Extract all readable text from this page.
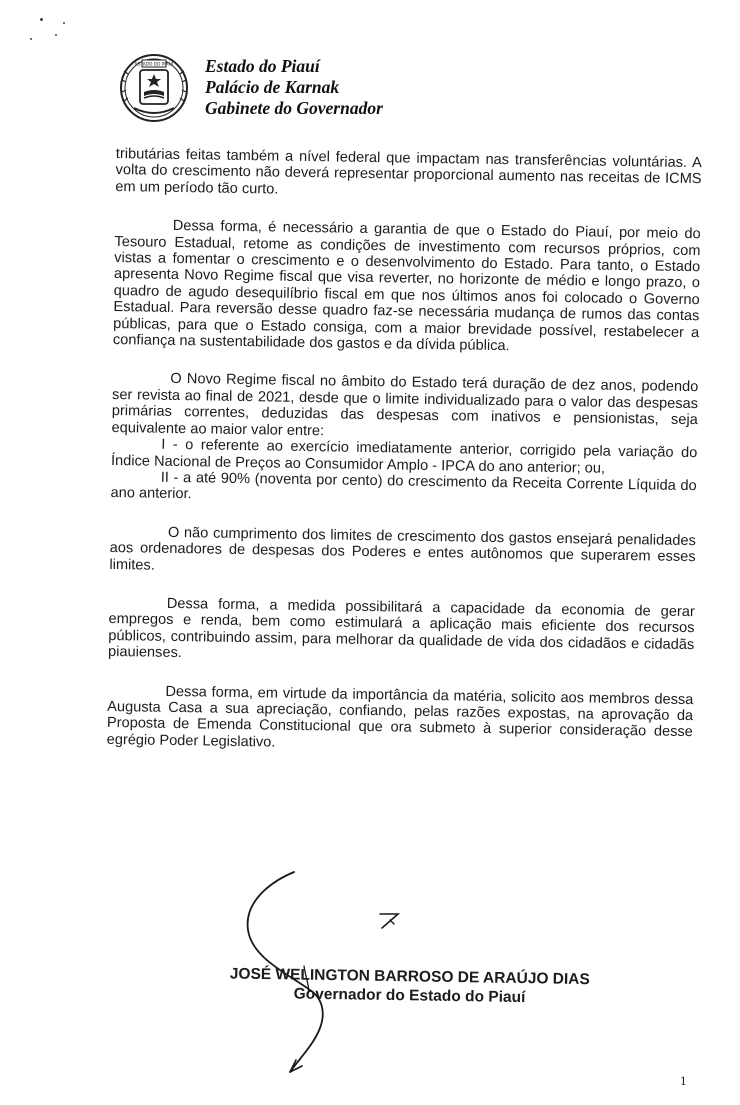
ESTADO DO PIAUÍ Estado do Piauí
Palácio de Karnak
Gabinete do Governador

tributárias feitas também a nível federal que impactam nas transferências voluntárias. A volta do crescimento não deverá representar proporcional aumento nas receitas de ICMS em um período tão curto.

Dessa forma, é necessário a garantia de que o Estado do Piauí, por meio do Tesouro Estadual, retome as condições de investimento com recursos próprios, com vistas a fomentar o crescimento e o desenvolvimento do Estado. Para tanto, o Estado apresenta Novo Regime fiscal que visa reverter, no horizonte de médio e longo prazo, o quadro de agudo desequilíbrio fiscal em que nos últimos anos foi colocado o Governo Estadual. Para reversão desse quadro faz-se necessária mudança de rumos das contas públicas, para que o Estado consiga, com a maior brevidade possível, restabelecer a confiança na sustentabilidade dos gastos e da dívida pública.

O Novo Regime fiscal no âmbito do Estado terá duração de dez anos, podendo ser revista ao final de 2021, desde que o limite individualizado para o valor das despesas primárias correntes, deduzidas das despesas com inativos e pensionistas, seja equivalente ao maior valor entre:

I - o referente ao exercício imediatamente anterior, corrigido pela variação do Índice Nacional de Preços ao Consumidor Amplo - IPCA do ano anterior; ou,

II - a até 90% (noventa por cento) do crescimento da Receita Corrente Líquida do ano anterior.

O não cumprimento dos limites de crescimento dos gastos ensejará penalidades aos ordenadores de despesas dos Poderes e entes autônomos que superarem esses limites.

Dessa forma, a medida possibilitará a capacidade da economia de gerar empregos e renda, bem como estimulará a aplicação mais eficiente dos recursos públicos, contribuindo assim, para melhorar da qualidade de vida dos cidadãos e cidadãs piauienses.

Dessa forma, em virtude da importância da matéria, solicito aos membros dessa Augusta Casa a sua apreciação, confiando, pelas razões expostas, na aprovação da Proposta de Emenda Constitucional que ora submeto à superior consideração desse egrégio Poder Legislativo.

JOSÉ WELINGTON BARROSO DE ARAÚJO DIAS
Governador do Estado do Piauí
1
